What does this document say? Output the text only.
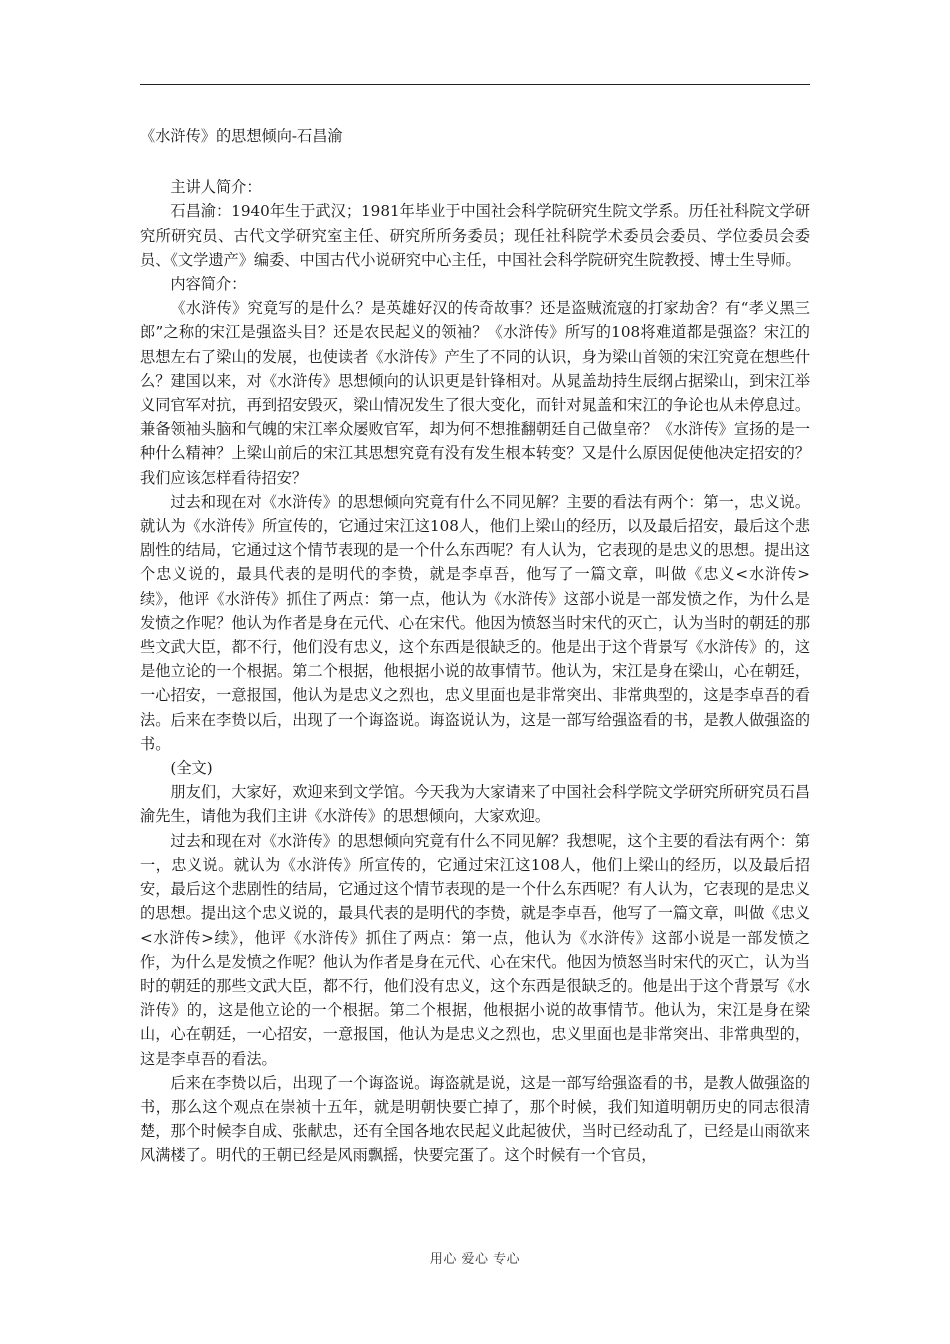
《水浒传》的思想倾向-石昌渝

主讲人简介：

石昌渝：1940年生于武汉；1981年毕业于中国社会科学院研究生院文学系。历任社科院文学研究所研究员、古代文学研究室主任、研究所所务委员；现任社科院学术委员会委员、学位委员会委员、《文学遗产》编委、中国古代小说研究中心主任，中国社会科学院研究生院教授、博士生导师。

内容简介：

《水浒传》究竟写的是什么？是英雄好汉的传奇故事？还是盗贼流寇的打家劫舍？有“孝义黑三郎”之称的宋江是强盗头目？还是农民起义的领袖？《水浒传》所写的108将难道都是强盗？宋江的思想左右了梁山的发展，也使读者《水浒传》产生了不同的认识，身为梁山首领的宋江究竟在想些什么？建国以来，对《水浒传》思想倾向的认识更是针锋相对。从晁盖劫持生辰纲占据梁山，到宋江举义同官军对抗，再到招安毁灭，梁山情况发生了很大变化，而针对晁盖和宋江的争论也从未停息过。兼备领袖头脑和气魄的宋江率众屡败官军，却为何不想推翻朝廷自己做皇帝？《水浒传》宣扬的是一种什么精神？上梁山前后的宋江其思想究竟有没有发生根本转变？又是什么原因促使他决定招安的？我们应该怎样看待招安？

过去和现在对《水浒传》的思想倾向究竟有什么不同见解？主要的看法有两个：第一，忠义说。就认为《水浒传》所宣传的，它通过宋江这108人，他们上梁山的经历，以及最后招安，最后这个悲剧性的结局，它通过这个情节表现的是一个什么东西呢？有人认为，它表现的是忠义的思想。提出这个忠义说的，最具代表的是明代的李贽，就是李卓吾，他写了一篇文章，叫做《忠义<水浒传>续》，他评《水浒传》抓住了两点：第一点，他认为《水浒传》这部小说是一部发愤之作，为什么是发愤之作呢？他认为作者是身在元代、心在宋代。他因为愤怒当时宋代的灭亡，认为当时的朝廷的那些文武大臣，都不行，他们没有忠义，这个东西是很缺乏的。他是出于这个背景写《水浒传》的，这是他立论的一个根据。第二个根据，他根据小说的故事情节。他认为，宋江是身在梁山，心在朝廷，一心招安，一意报国，他认为是忠义之烈也，忠义里面也是非常突出、非常典型的，这是李卓吾的看法。后来在李贽以后，出现了一个诲盗说。诲盗说认为，这是一部写给强盗看的书，是教人做强盗的书。

(全文)

朋友们，大家好，欢迎来到文学馆。今天我为大家请来了中国社会科学院文学研究所研究员石昌渝先生，请他为我们主讲《水浒传》的思想倾向，大家欢迎。

过去和现在对《水浒传》的思想倾向究竟有什么不同见解？我想呢，这个主要的看法有两个：第一，忠义说。就认为《水浒传》所宣传的，它通过宋江这108人，他们上梁山的经历，以及最后招安，最后这个悲剧性的结局，它通过这个情节表现的是一个什么东西呢？有人认为，它表现的是忠义的思想。提出这个忠义说的，最具代表的是明代的李贽，就是李卓吾，他写了一篇文章，叫做《忠义<水浒传>续》，他评《水浒传》抓住了两点：第一点，他认为《水浒传》这部小说是一部发愤之作，为什么是发愤之作呢？他认为作者是身在元代、心在宋代。他因为愤怒当时宋代的灭亡，认为当时的朝廷的那些文武大臣，都不行，他们没有忠义，这个东西是很缺乏的。他是出于这个背景写《水浒传》的，这是他立论的一个根据。第二个根据，他根据小说的故事情节。他认为，宋江是身在梁山，心在朝廷，一心招安，一意报国，他认为是忠义之烈也，忠义里面也是非常突出、非常典型的，这是李卓吾的看法。

后来在李贽以后，出现了一个诲盗说。诲盗就是说，这是一部写给强盗看的书，是教人做强盗的书，那么这个观点在崇祯十五年，就是明朝快要亡掉了，那个时候，我们知道明朝历史的同志很清楚，那个时候李自成、张献忠，还有全国各地农民起义此起彼伏，当时已经动乱了，已经是山雨欲来风满楼了。明代的王朝已经是风雨飘摇，快要完蛋了。这个时候有一个官员，

用心 爱心 专心
